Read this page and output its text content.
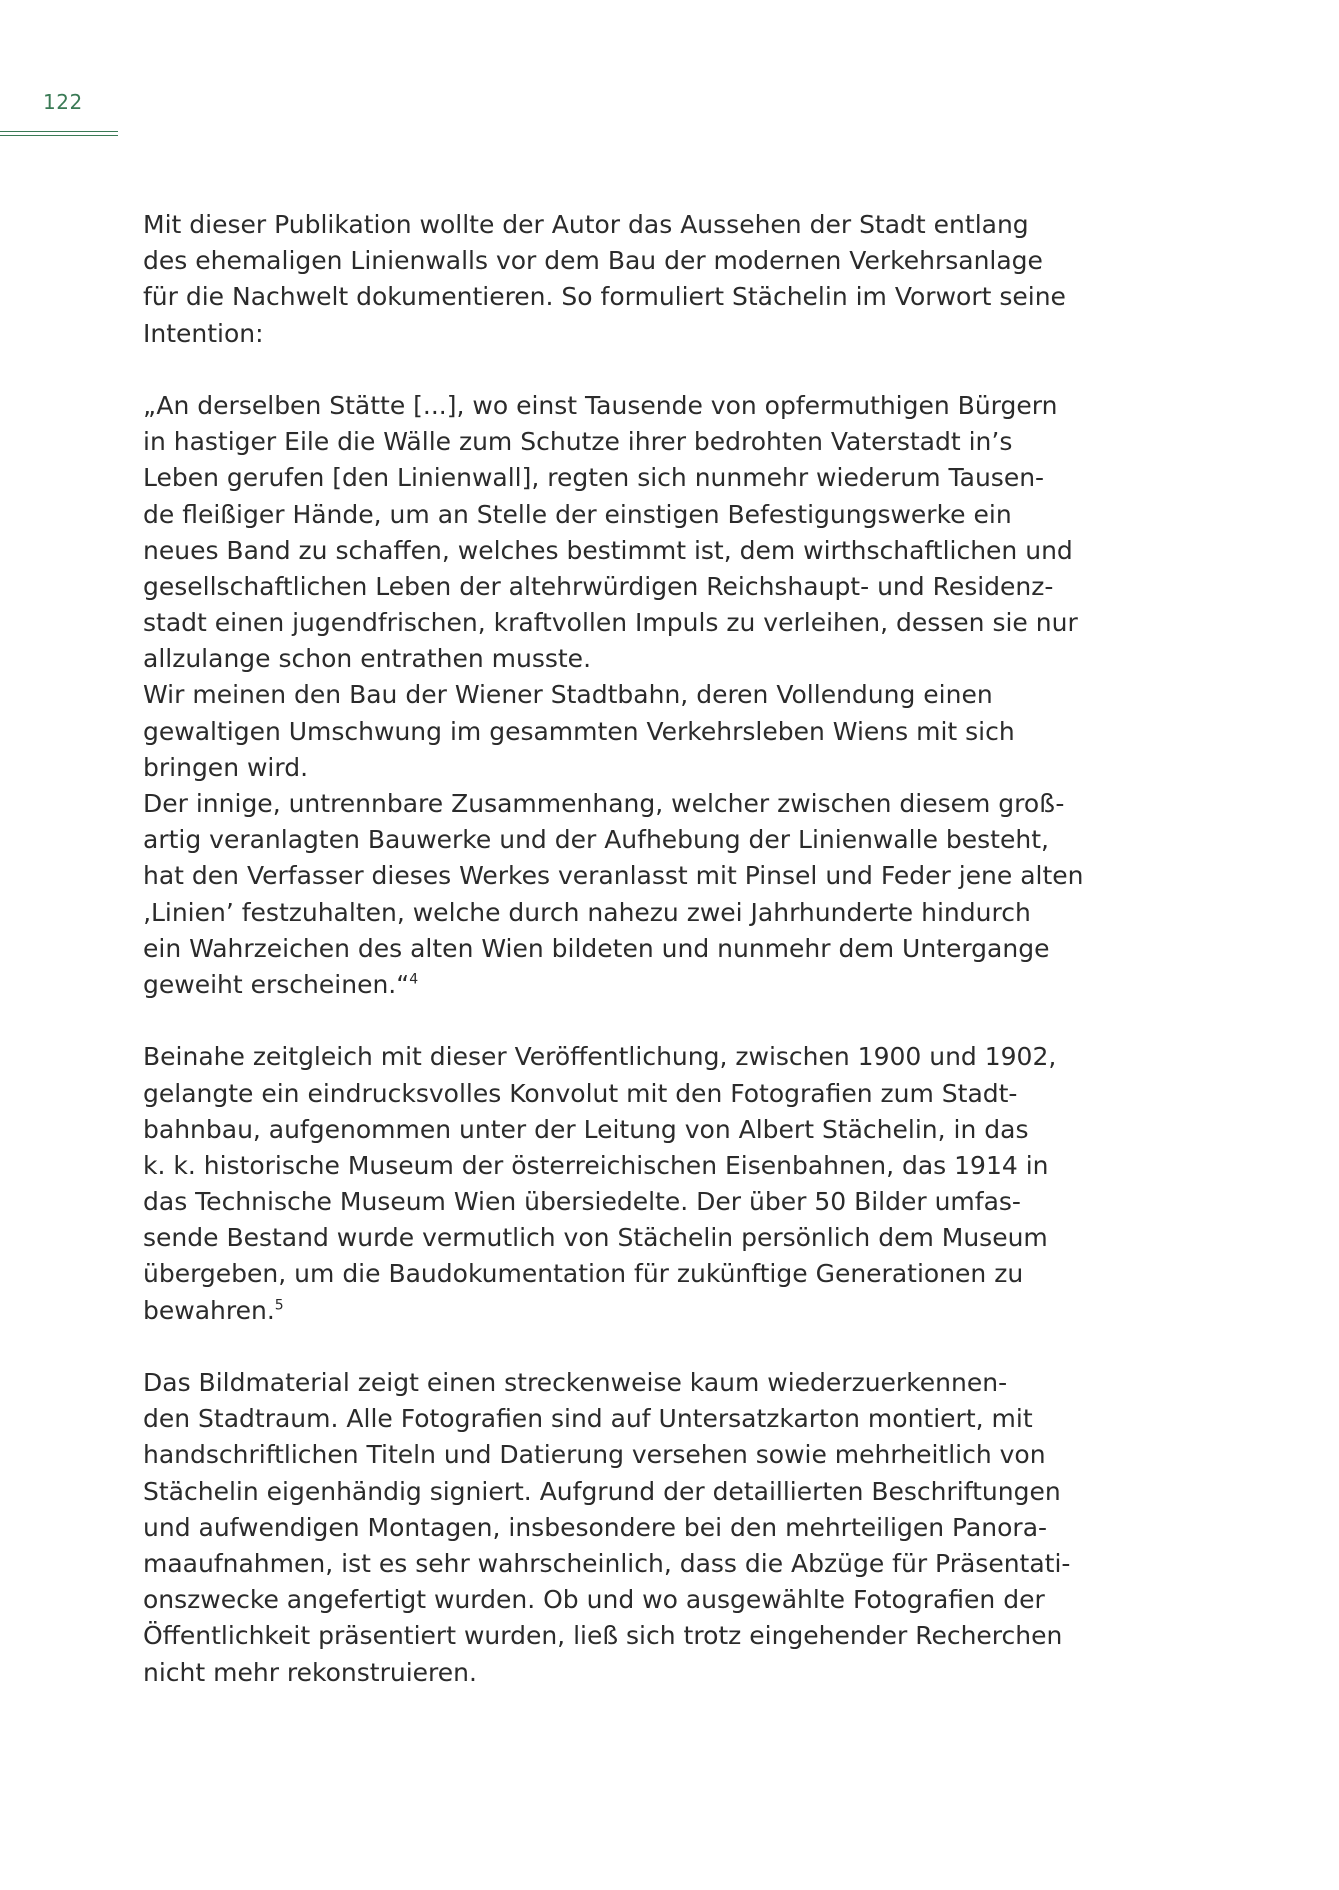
122
Mit dieser Publikation wollte der Autor das Aussehen der Stadt entlang
des ehemaligen Linienwalls vor dem Bau der modernen Verkehrsanlage
für die Nachwelt dokumentieren. So formuliert Stächelin im Vorwort seine
Intention:
„An derselben Stätte [...], wo einst Tausende von opfermuthigen Bürgern
in hastiger Eile die Wälle zum Schutze ihrer bedrohten Vaterstadt in’s
Leben gerufen [den Linienwall], regten sich nunmehr wiederum Tausen-
de fleißiger Hände, um an Stelle der einstigen Befestigungswerke ein
neues Band zu schaffen, welches bestimmt ist, dem wirthschaftlichen und
gesellschaftlichen Leben der altehrwürdigen Reichshaupt- und Residenz-
stadt einen jugendfrischen, kraftvollen Impuls zu verleihen, dessen sie nur
allzulange schon entrathen musste.
Wir meinen den Bau der Wiener Stadtbahn, deren Vollendung einen
gewaltigen Umschwung im gesammten Verkehrsleben Wiens mit sich
bringen wird.
Der innige, untrennbare Zusammenhang, welcher zwischen diesem groß-
artig veranlagten Bauwerke und der Aufhebung der Linienwalle besteht,
hat den Verfasser dieses Werkes veranlasst mit Pinsel und Feder jene alten
‚Linien’ festzuhalten, welche durch nahezu zwei Jahrhunderte hindurch
ein Wahrzeichen des alten Wien bildeten und nunmehr dem Untergange
geweiht erscheinen.“$^4$
Beinahe zeitgleich mit dieser Veröffentlichung, zwischen 1900 und 1902,
gelangte ein eindrucksvolles Konvolut mit den Fotografien zum Stadt-
bahnbau, aufgenommen unter der Leitung von Albert Stächelin, in das
k. k. historische Museum der österreichischen Eisenbahnen, das 1914 in
das Technische Museum Wien übersiedelte. Der über 50 Bilder umfas-
sende Bestand wurde vermutlich von Stächelin persönlich dem Museum
übergeben, um die Baudokumentation für zukünftige Generationen zu
bewahren.$^5$
Das Bildmaterial zeigt einen streckenweise kaum wiederzuerkennen-
den Stadtraum. Alle Fotografien sind auf Untersatzkarton montiert, mit
handschriftlichen Titeln und Datierung versehen sowie mehrheitlich von
Stächelin eigenhändig signiert. Aufgrund der detaillierten Beschriftungen
und aufwendigen Montagen, insbesondere bei den mehrteiligen Panora-
maaufnahmen, ist es sehr wahrscheinlich, dass die Abzüge für Präsentati-
onszwecke angefertigt wurden. Ob und wo ausgewählte Fotografien der
Öffentlichkeit präsentiert wurden, ließ sich trotz eingehender Recherchen
nicht mehr rekonstruieren.
